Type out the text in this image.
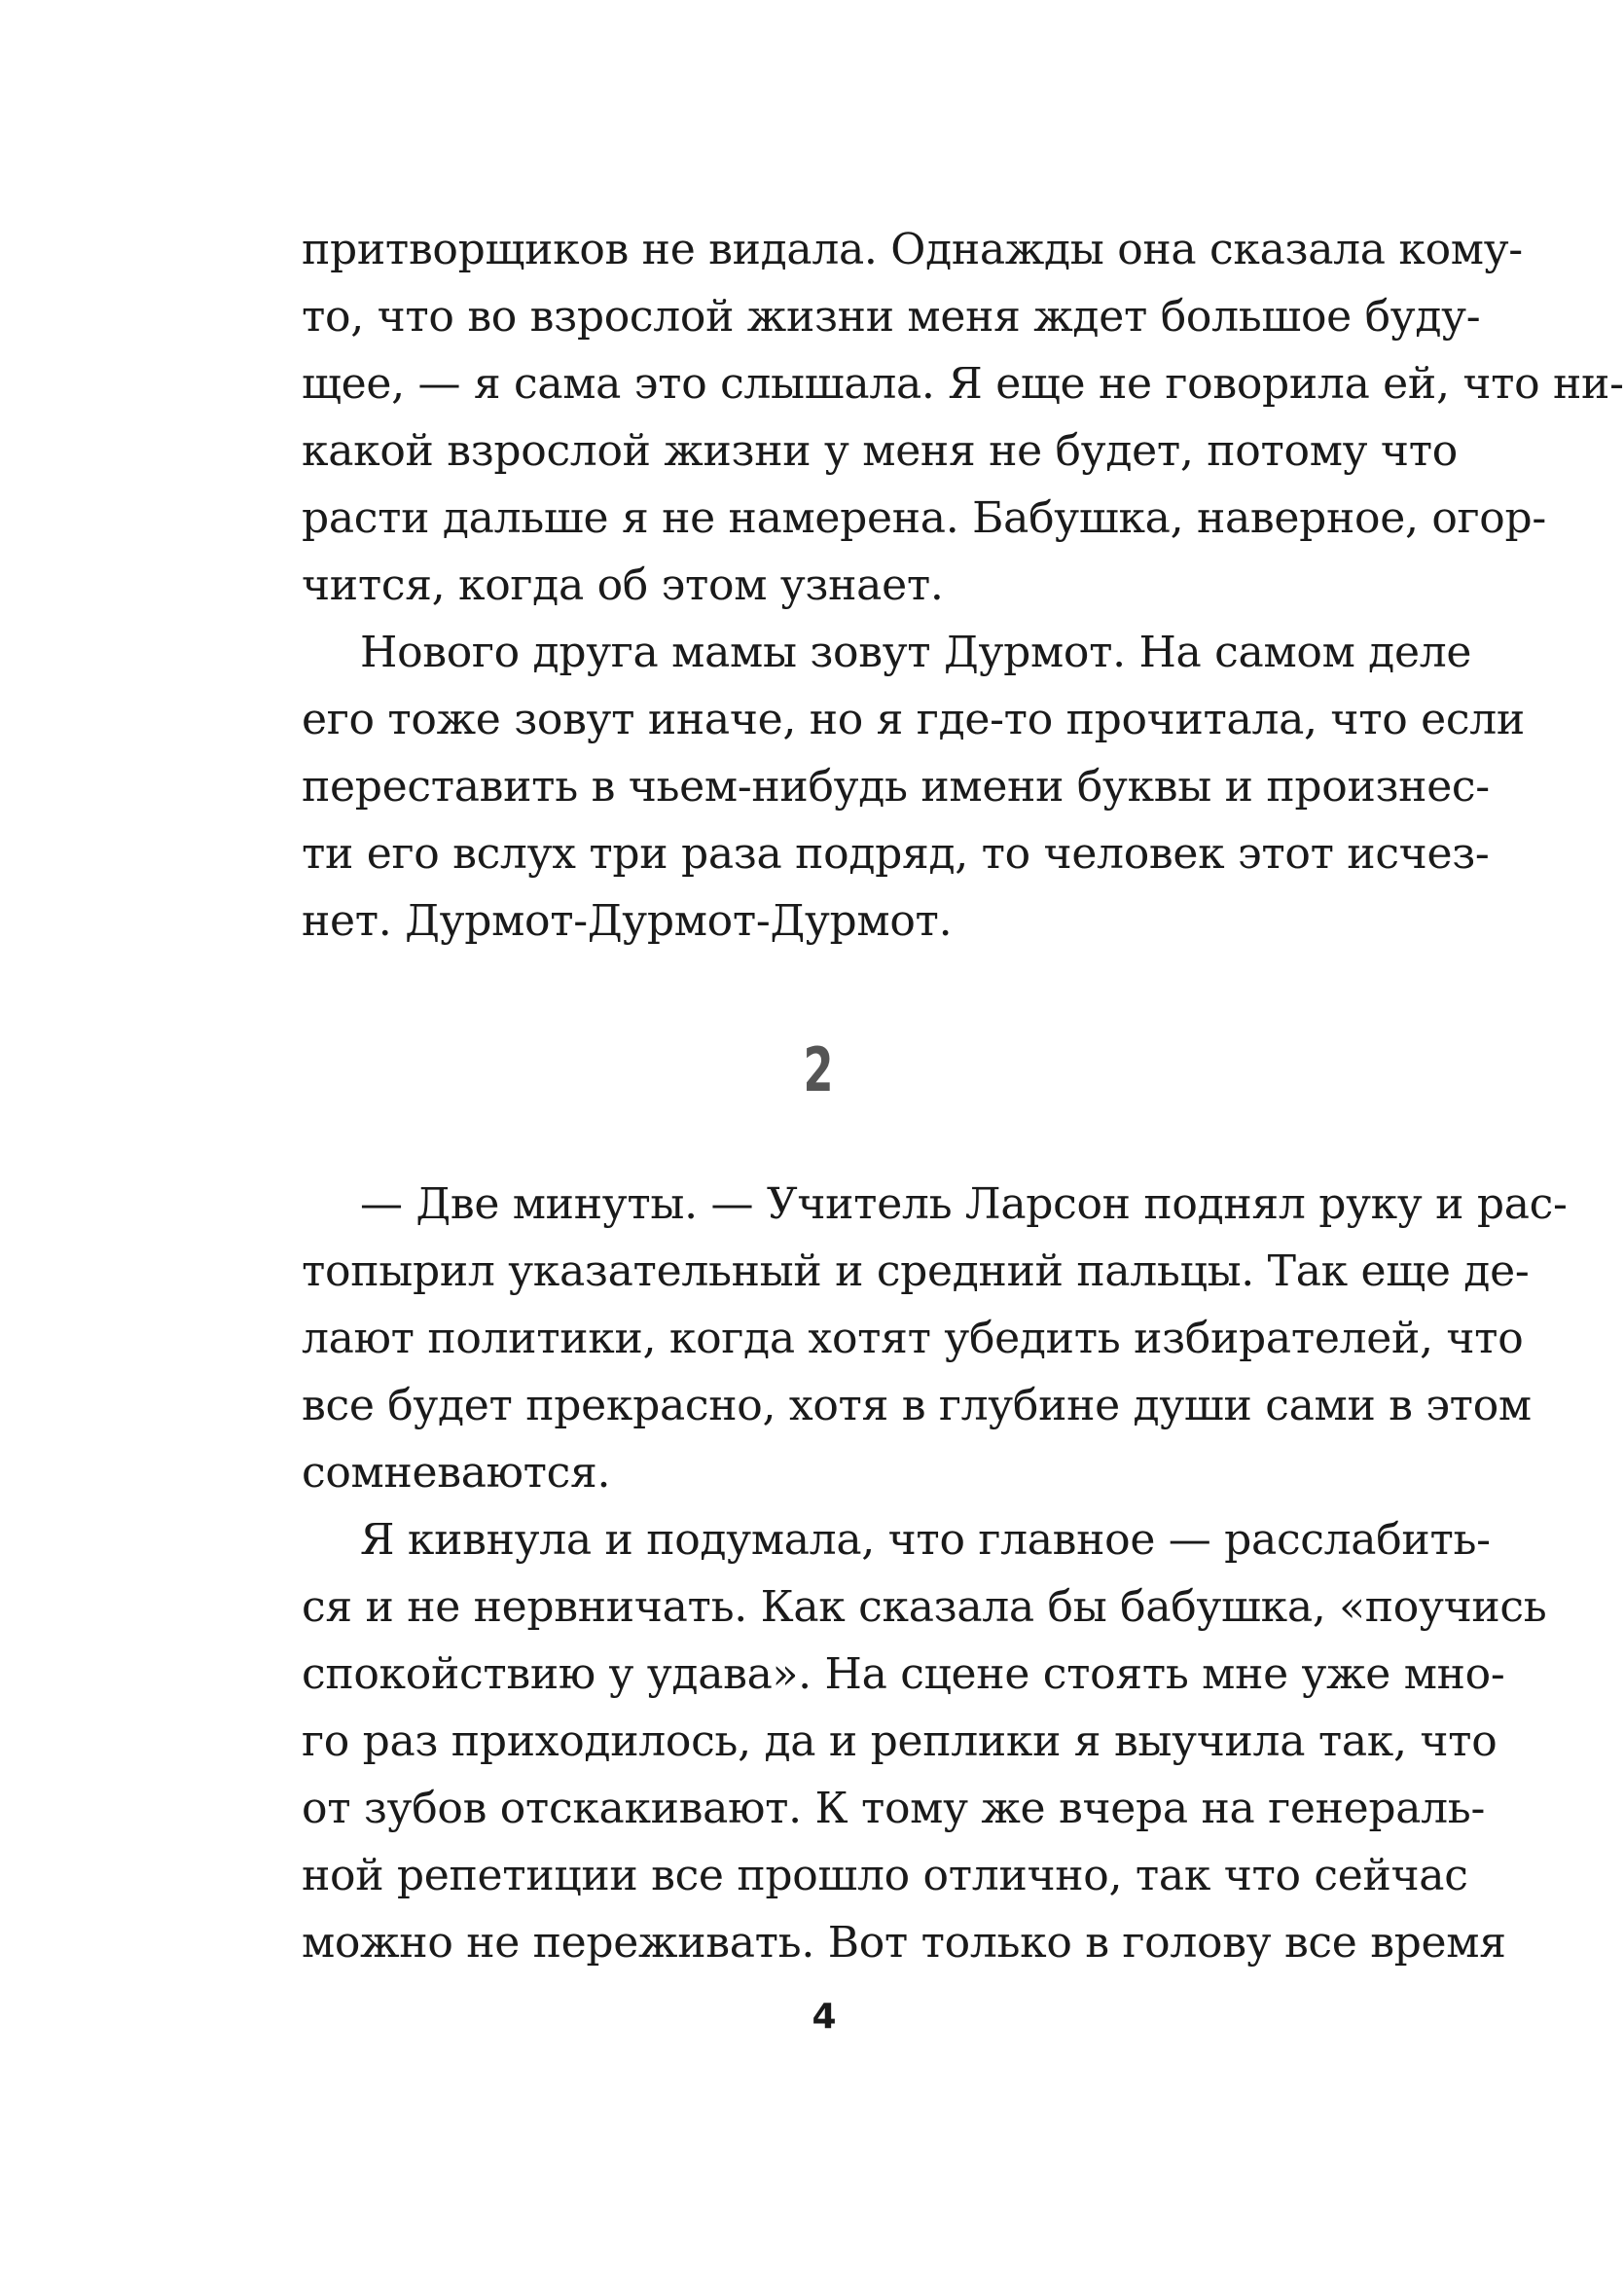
притворщиков не видала. Однажды она сказала кому-
то, что во взрослой жизни меня ждет большое буду-
щее, — я сама это слышала. Я еще не говорила ей, что ни-
какой взрослой жизни у меня не будет, потому что
расти дальше я не намерена. Бабушка, наверное, огор-
чится, когда об этом узнает.
Нового друга мамы зовут Дурмот. На самом деле
его тоже зовут иначе, но я где-то прочитала, что если
переставить в чьем-нибудь имени буквы и произнес-
ти его вслух три раза подряд, то человек этот исчез-
нет. Дурмот-Дурмот-Дурмот.
2
— Две минуты. — Учитель Ларсон поднял руку и рас-
топырил указательный и средний пальцы. Так еще де-
лают политики, когда хотят убедить избирателей, что
все будет прекрасно, хотя в глубине души сами в этом
сомневаются.
Я кивнула и подумала, что главное — расслабить-
ся и не нервничать. Как сказала бы бабушка, «поучись
спокойствию у удава». На сцене стоять мне уже мно-
го раз приходилось, да и реплики я выучила так, что
от зубов отскакивают. К тому же вчера на генераль-
ной репетиции все прошло отлично, так что сейчас
можно не переживать. Вот только в голову все время
4
